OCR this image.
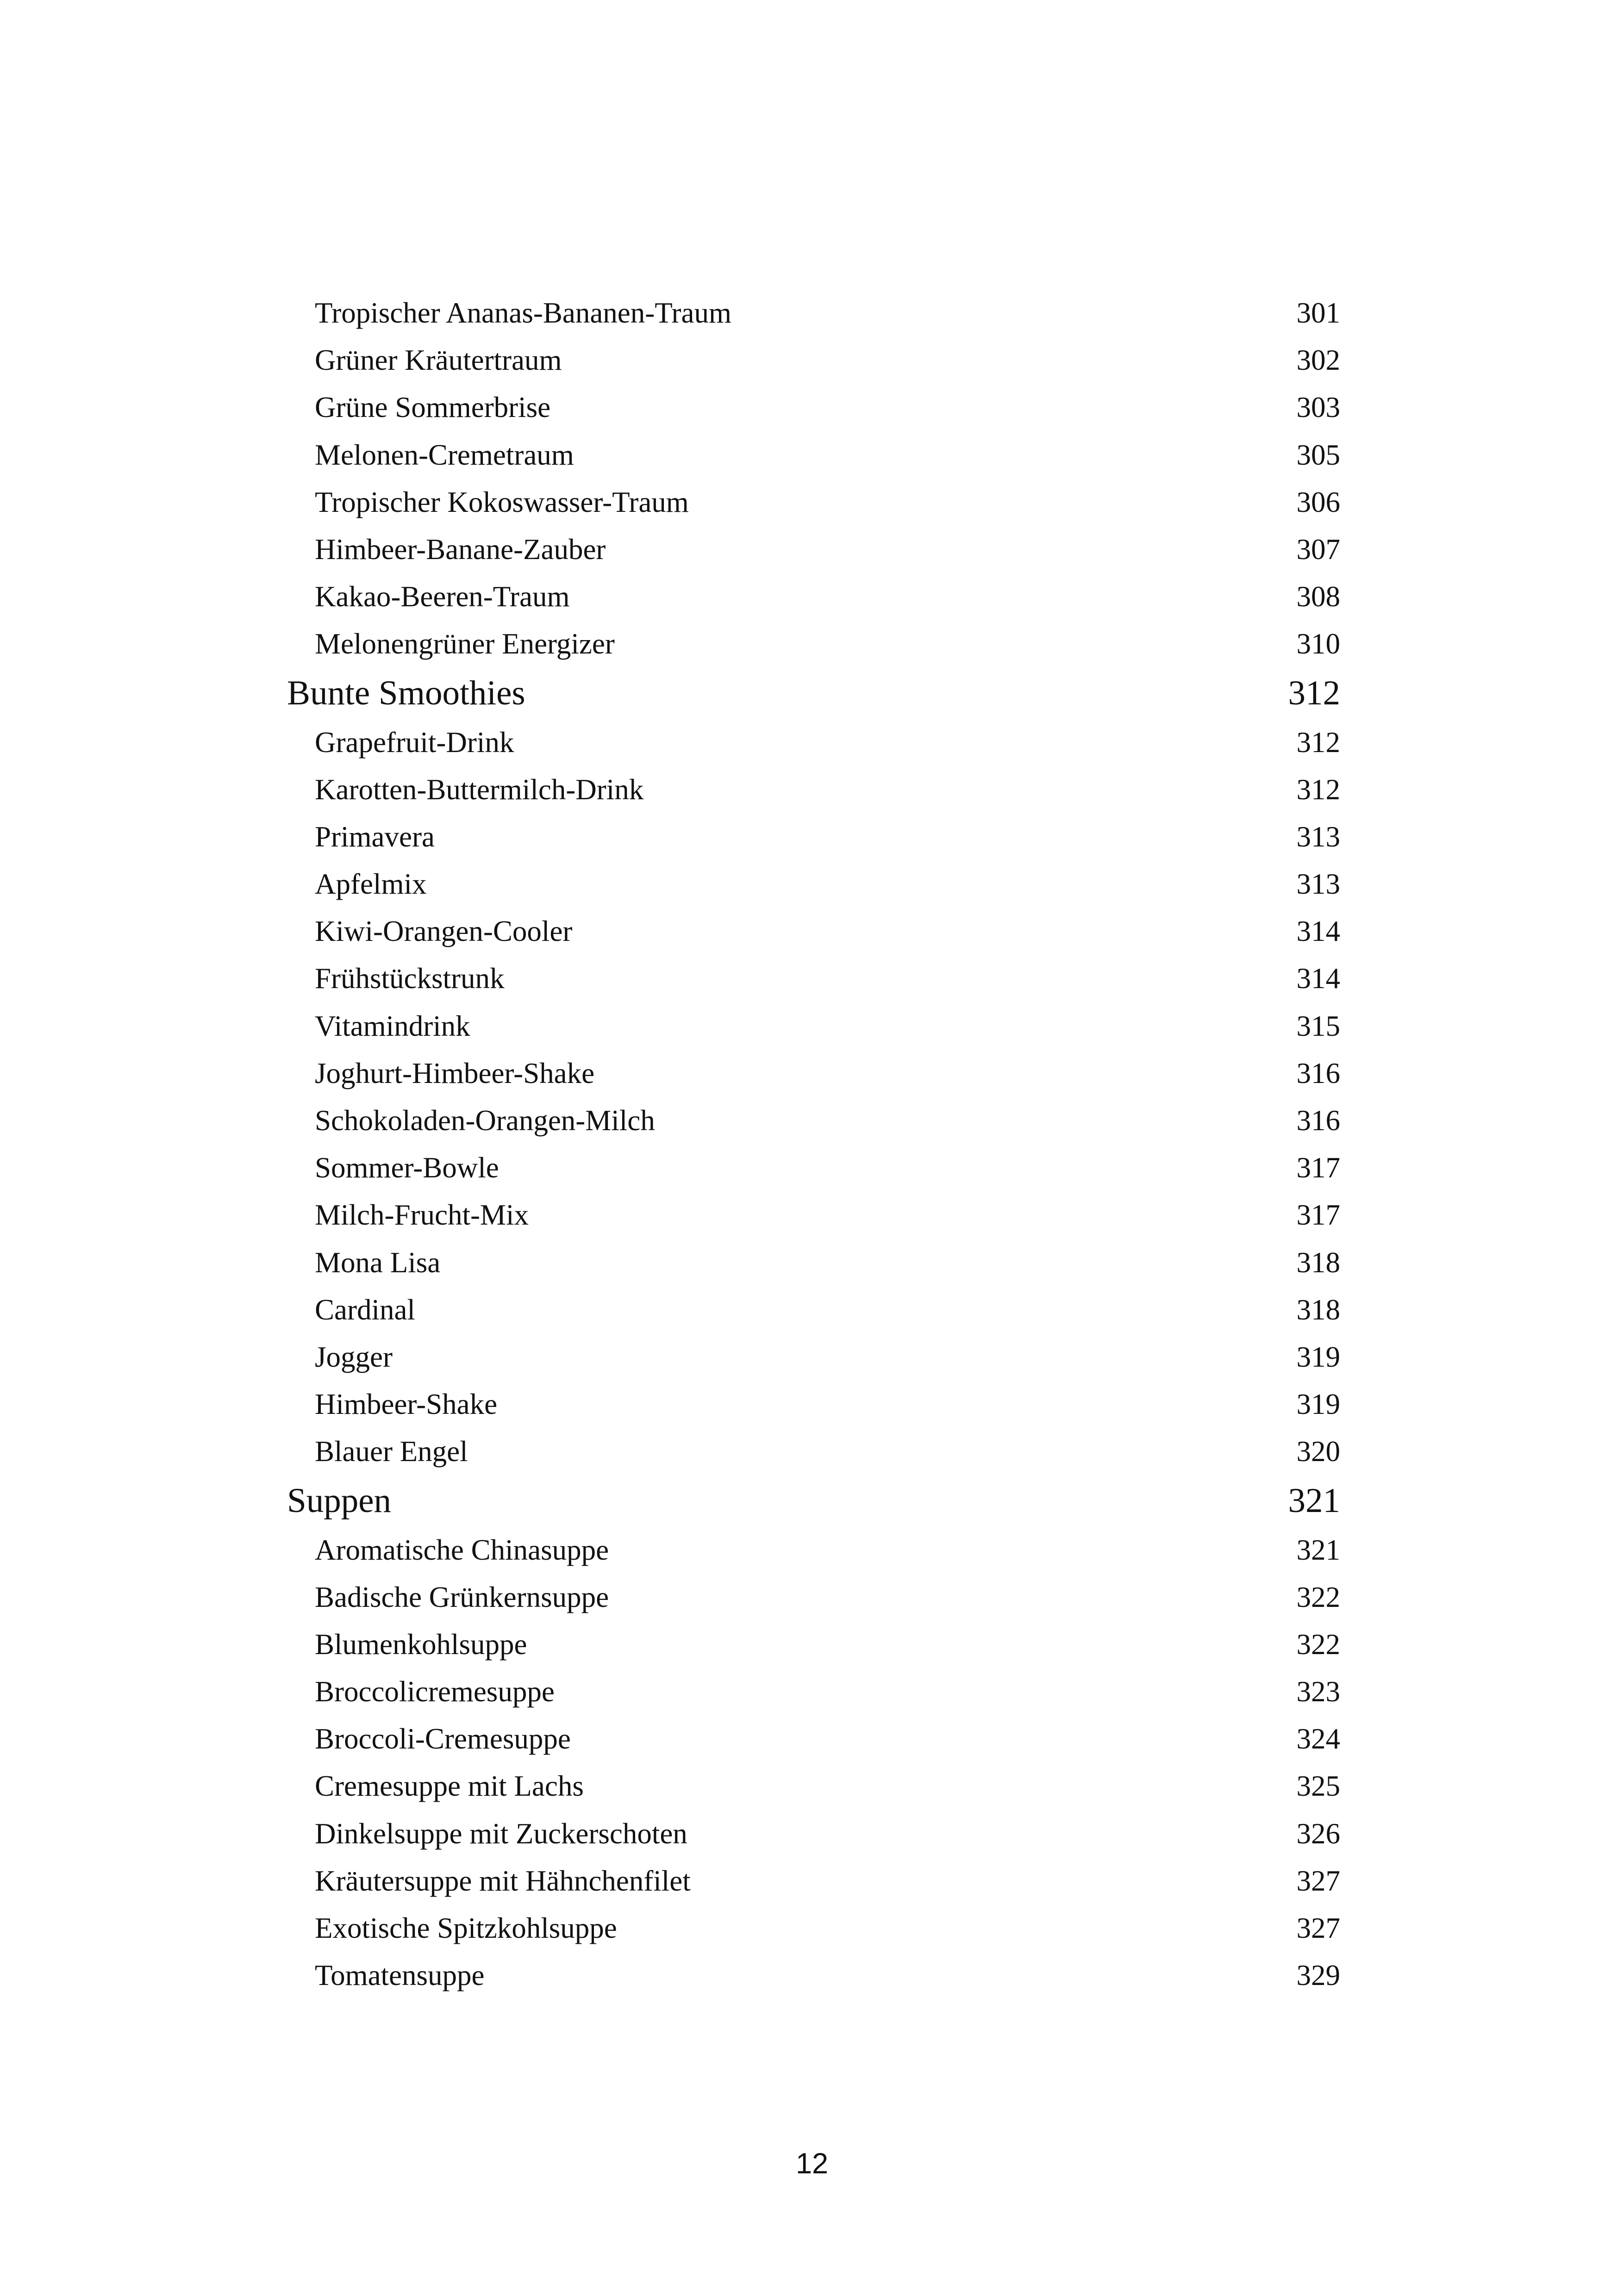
Tropischer Ananas-Bananen-Traum	301
Grüner Kräutertraum	302
Grüne Sommerbrise	303
Melonen-Cremetraum	305
Tropischer Kokoswasser-Traum	306
Himbeer-Banane-Zauber	307
Kakao-Beeren-Traum	308
Melonengrüner Energizer	310
Bunte Smoothies	312
Grapefruit-Drink	312
Karotten-Buttermilch-Drink	312
Primavera	313
Apfelmix	313
Kiwi-Orangen-Cooler	314
Frühstückstrunk	314
Vitamindrink	315
Joghurt-Himbeer-Shake	316
Schokoladen-Orangen-Milch	316
Sommer-Bowle	317
Milch-Frucht-Mix	317
Mona Lisa	318
Cardinal	318
Jogger	319
Himbeer-Shake	319
Blauer Engel	320
Suppen	321
Aromatische Chinasuppe	321
Badische Grünkernsuppe	322
Blumenkohlsuppe	322
Broccolicremesuppe	323
Broccoli-Cremesuppe	324
Cremesuppe mit Lachs	325
Dinkelsuppe mit Zuckerschoten	326
Kräutersuppe mit Hähnchenfilet	327
Exotische Spitzkohlsuppe	327
Tomatensuppe	329
12
